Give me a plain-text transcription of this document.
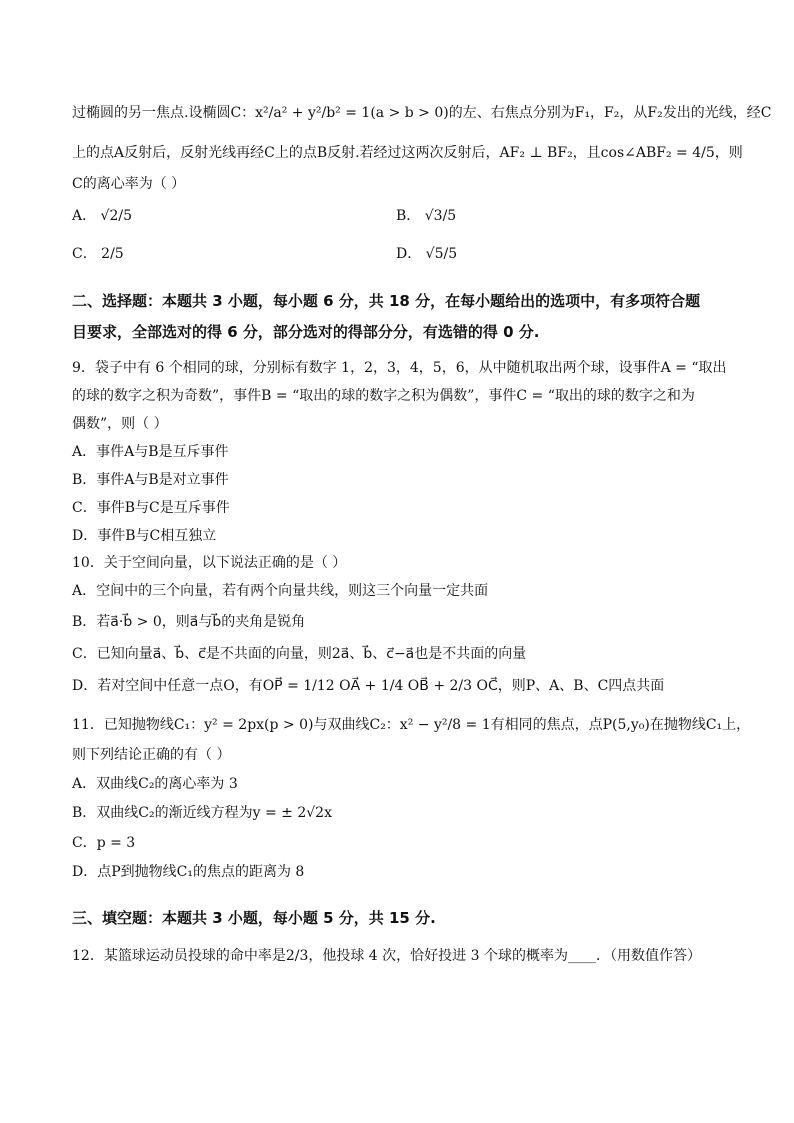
过椭圆的另一焦点.设椭圆C：x²/a² + y²/b² = 1(a > b > 0)的左、右焦点分别为F₁，F₂，从F₂发出的光线，经C
上的点A反射后，反射光线再经C上的点B反射.若经过这两次反射后，AF₂ ⊥ BF₂，且cos∠ABF₂ = 4/5，则
C的离心率为（ ）
A． √2/5	B． √3/5
C． 2/5	D． √5/5
二、选择题：本题共 3 小题，每小题 6 分，共 18 分，在每小题给出的选项中，有多项符合题
目要求，全部选对的得 6 分，部分选对的得部分分，有选错的得 0 分.
9．袋子中有 6 个相同的球，分别标有数字 1，2，3，4，5，6，从中随机取出两个球，设事件A = “取出
的球的数字之积为奇数”，事件B = “取出的球的数字之积为偶数”，事件C = “取出的球的数字之和为
偶数”，则（ ）
A．事件A与B是互斥事件
B．事件A与B是对立事件
C．事件B与C是互斥事件
D．事件B与C相互独立
10．关于空间向量，以下说法正确的是（ ）
A．空间中的三个向量，若有两个向量共线，则这三个向量一定共面
B．若a⃗·b⃗ > 0，则a⃗与b⃗的夹角是锐角
C．已知向量a⃗、b⃗、c⃗是不共面的向量，则2a⃗、b⃗、c⃗−a⃗也是不共面的向量
D．若对空间中任意一点O，有OP⃗ = 1/12 OA⃗ + 1/4 OB⃗ + 2/3 OC⃗，则P、A、B、C四点共面
11．已知抛物线C₁：y² = 2px(p > 0)与双曲线C₂：x² − y²/8 = 1有相同的焦点，点P(5,y₀)在抛物线C₁上，
则下列结论正确的有（ ）
A．双曲线C₂的离心率为 3
B．双曲线C₂的渐近线方程为y = ± 2√2x
C．p = 3
D．点P到抛物线C₁的焦点的距离为 8
三、填空题：本题共 3 小题，每小题 5 分，共 15 分.
12．某篮球运动员投球的命中率是2/3，他投球 4 次，恰好投进 3 个球的概率为____．（用数值作答）
